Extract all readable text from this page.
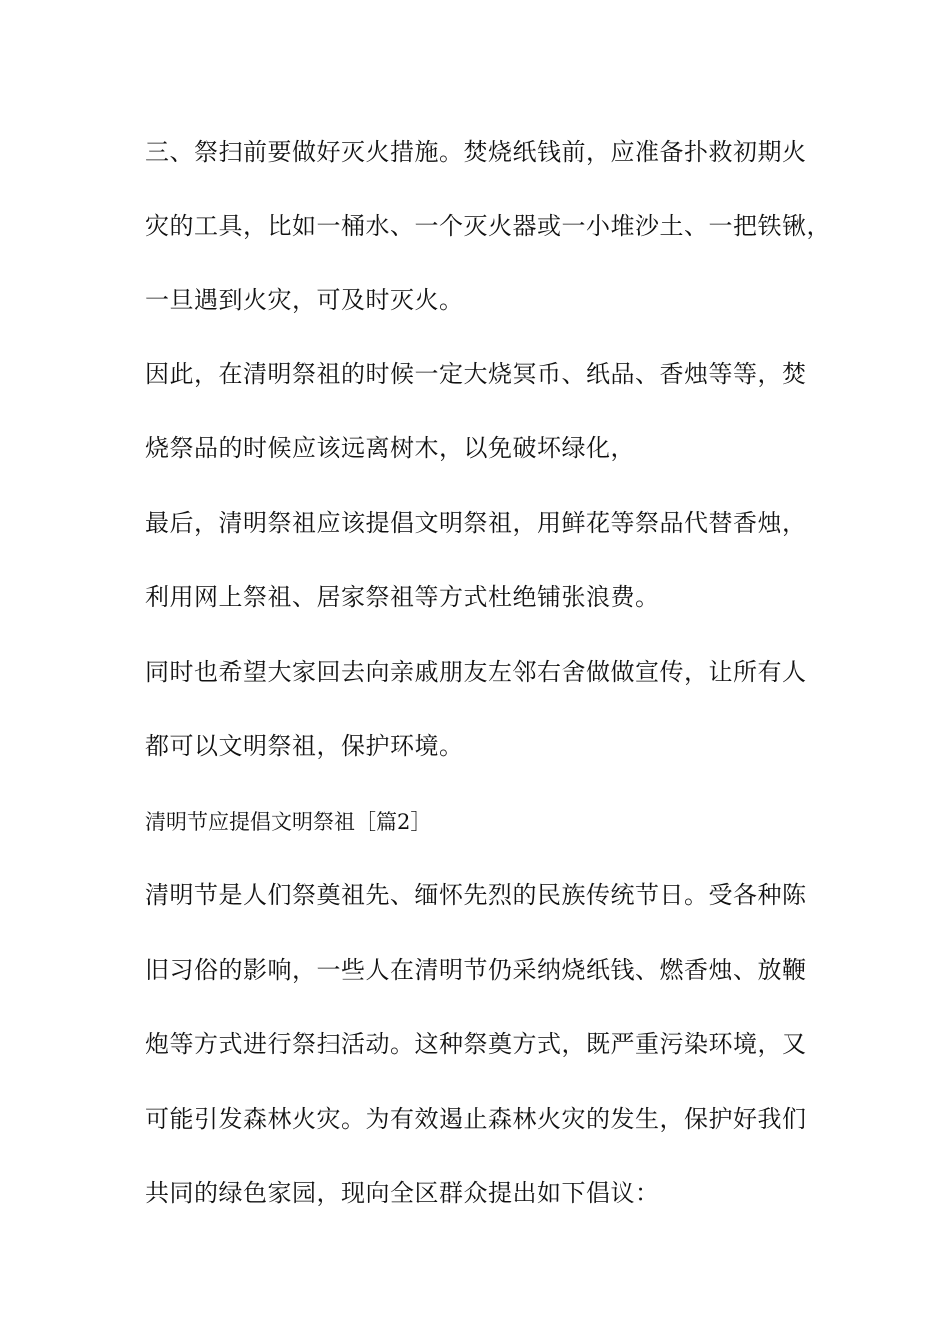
三、祭扫前要做好灭火措施。焚烧纸钱前，应准备扑救初期火
灾的工具，比如一桶水、一个灭火器或一小堆沙土、一把铁锹，
一旦遇到火灾，可及时灭火。
因此，在清明祭祖的时候一定大烧冥币、纸品、香烛等等，焚
烧祭品的时候应该远离树木，以免破坏绿化，
最后，清明祭祖应该提倡文明祭祖，用鲜花等祭品代替香烛，
利用网上祭祖、居家祭祖等方式杜绝铺张浪费。
同时也希望大家回去向亲戚朋友左邻右舍做做宣传，让所有人
都可以文明祭祖，保护环境。
清明节应提倡文明祭祖［篇2］
清明节是人们祭奠祖先、缅怀先烈的民族传统节日。受各种陈
旧习俗的影响，一些人在清明节仍采纳烧纸钱、燃香烛、放鞭
炮等方式进行祭扫活动。这种祭奠方式，既严重污染环境，又
可能引发森林火灾。为有效遏止森林火灾的发生，保护好我们
共同的绿色家园，现向全区群众提出如下倡议：
